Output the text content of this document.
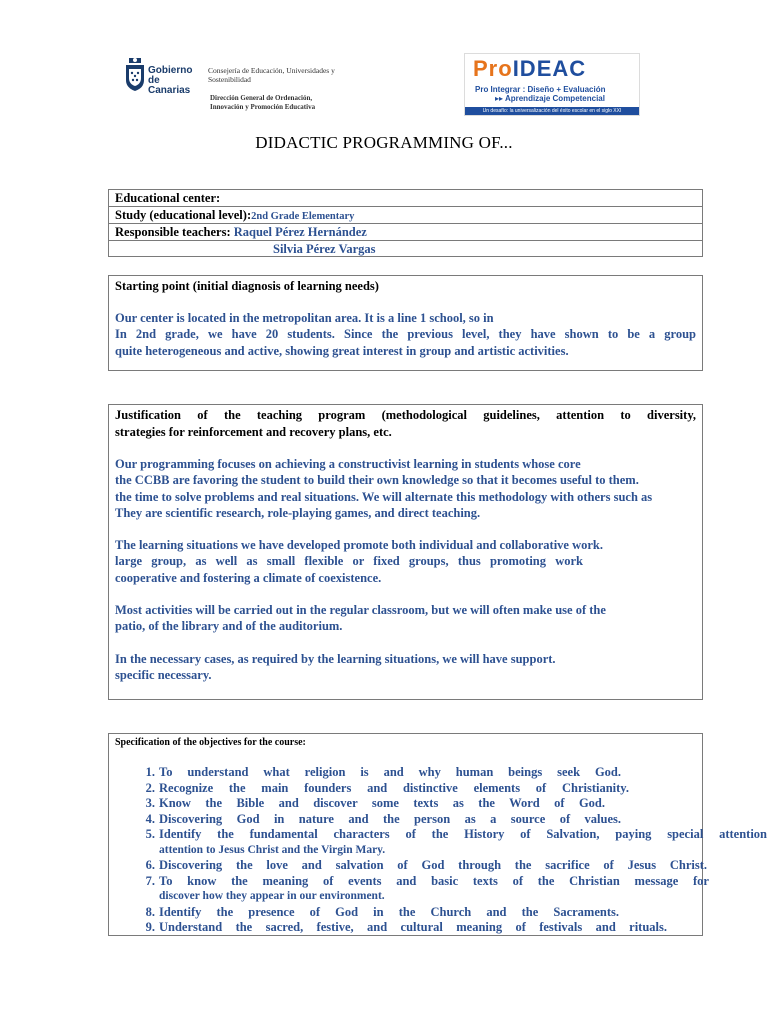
Gobierno de Canarias
Consejería de Educación, Universidades y Sostenibilidad
Dirección General de Ordenación, Innovación y Promoción Educativa
ProIDEAC
Pro Integrar : Diseño + Evaluación
▸▸ Aprendizaje Competencial
Un desafío: la universalización del éxito escolar en el siglo XXI
DIDACTIC PROGRAMMING OF...
Educational center:
Study (educational level):2nd Grade Elementary
Responsible teachers: Raquel Pérez Hernández
Silvia Pérez Vargas
Starting point (initial diagnosis of learning needs)
Our center is located in the metropolitan area. It is a line 1 school, so in
In 2nd grade, we have 20 students. Since the previous level, they have shown to be a group
quite heterogeneous and active, showing great interest in group and artistic activities.
Justification of the teaching program (methodological guidelines, attention to diversity,
strategies for reinforcement and recovery plans, etc.
Our programming focuses on achieving a constructivist learning in students whose core
the CCBB are favoring the student to build their own knowledge so that it becomes useful to them.
the time to solve problems and real situations. We will alternate this methodology with others such as
They are scientific research, role-playing games, and direct teaching.
The learning situations we have developed promote both individual and collaborative work.
large group, as well as small flexible or fixed groups, thus promoting work
cooperative and fostering a climate of coexistence.
Most activities will be carried out in the regular classroom, but we will often make use of the
patio, of the library and of the auditorium.
In the necessary cases, as required by the learning situations, we will have support.
specific necessary.
Specification of the objectives for the course:
1. To understand what religion is and why human beings seek God.
2. Recognize the main founders and distinctive elements of Christianity.
3. Know the Bible and discover some texts as the Word of God.
4. Discovering God in nature and the person as a source of values.
5. Identify the fundamental characters of the History of Salvation, paying special attention
attention to Jesus Christ and the Virgin Mary.
6. Discovering the love and salvation of God through the sacrifice of Jesus Christ.
7. To know the meaning of events and basic texts of the Christian message for
discover how they appear in our environment.
8. Identify the presence of God in the Church and the Sacraments.
9. Understand the sacred, festive, and cultural meaning of festivals and rituals.
